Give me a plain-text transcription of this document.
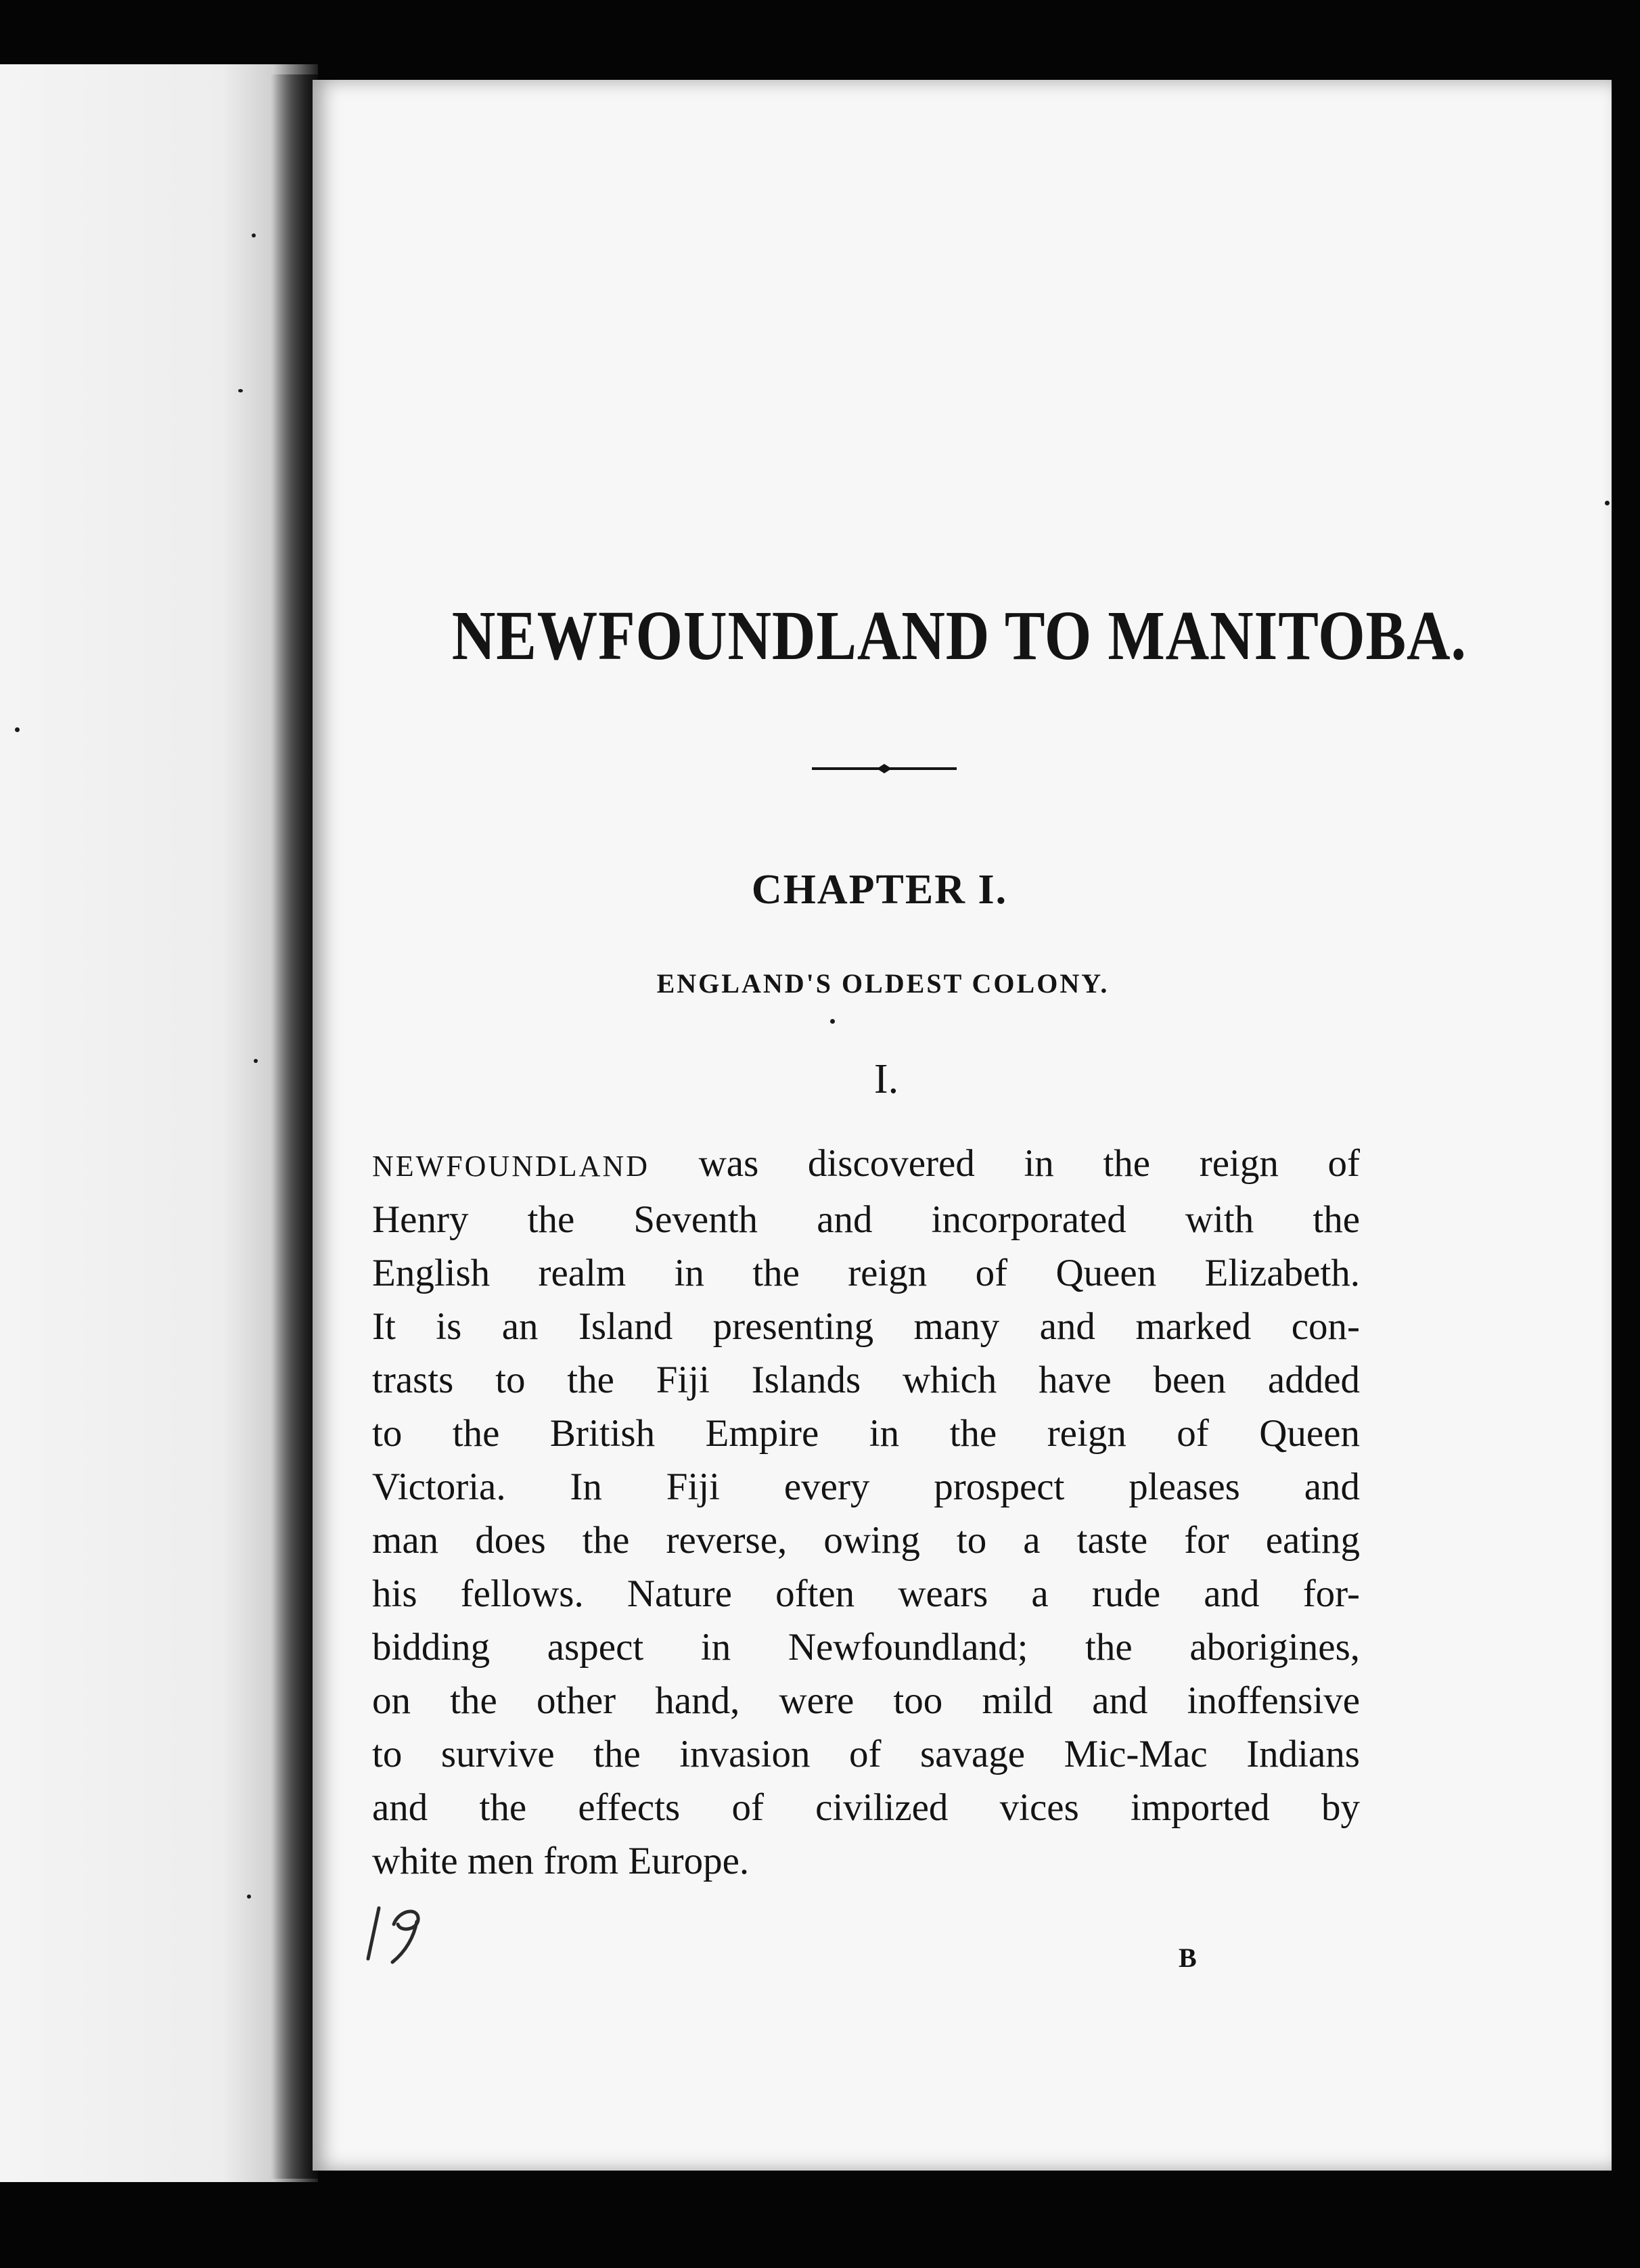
NEWFOUNDLAND TO MANITOBA.
CHAPTER I.
ENGLAND'S OLDEST COLONY.
I.
NEWFOUNDLAND was discovered in the reign of
Henry the Seventh and incorporated with the
English realm in the reign of Queen Elizabeth.
It is an Island presenting many and marked con-
trasts to the Fiji Islands which have been added
to the British Empire in the reign of Queen
Victoria. In Fiji every prospect pleases and
man does the reverse, owing to a taste for eating
his fellows. Nature often wears a rude and for-
bidding aspect in Newfoundland; the aborigines,
on the other hand, were too mild and inoffensive
to survive the invasion of savage Mic-Mac Indians
and the effects of civilized vices imported by
white men from Europe.
B
